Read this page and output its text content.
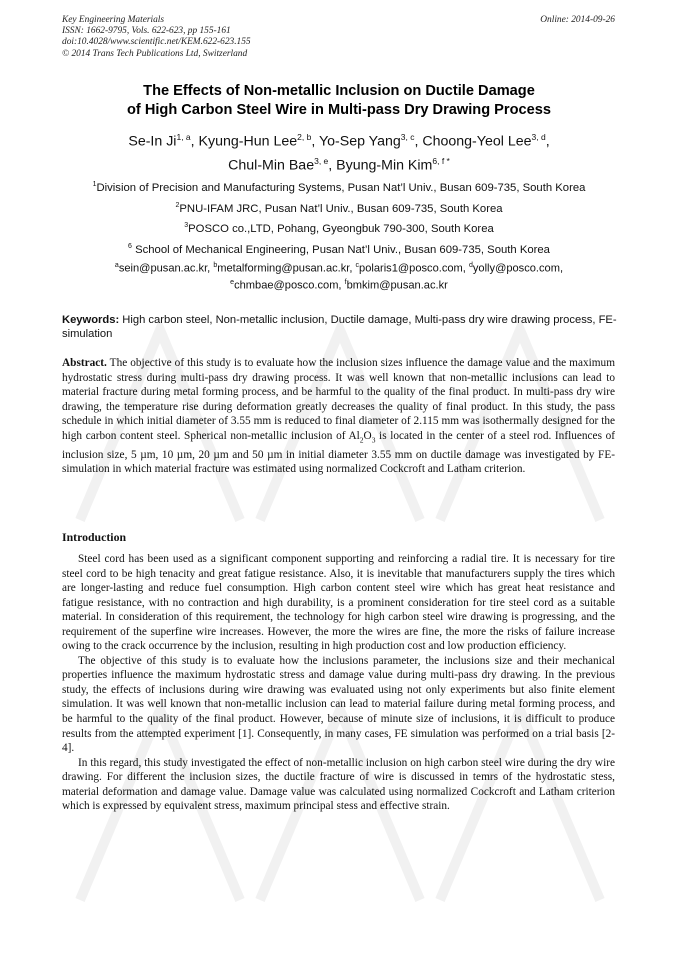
Key Engineering Materials
ISSN: 1662-9795, Vols. 622-623, pp 155-161
doi:10.4028/www.scientific.net/KEM.622-623.155
© 2014 Trans Tech Publications Ltd, Switzerland
Online: 2014-09-26
The Effects of Non-metallic Inclusion on Ductile Damage
of High Carbon Steel Wire in Multi-pass Dry Drawing Process
Se-In Ji$^{1, a}$, Kyung-Hun Lee$^{2, b}$, Yo-Sep Yang$^{3, c}$, Choong-Yeol Lee$^{3, d}$,
Chul-Min Bae$^{3, e}$, Byung-Min Kim$^{6, f *}$
$^1$Division of Precision and Manufacturing Systems, Pusan Nat’l Univ., Busan 609-735, South Korea
$^2$PNU-IFAM JRC, Pusan Nat’l Univ., Busan 609-735, South Korea
$^3$POSCO co.,LTD, Pohang, Gyeongbuk 790-300, South Korea
$^6$ School of Mechanical Engineering, Pusan Nat’l Univ., Busan 609-735, South Korea
$^a$sein@pusan.ac.kr, $^b$metalforming@pusan.ac.kr, $^c$polaris1@posco.com, $^d$yolly@posco.com,
$^e$chmbae@posco.com, $^f$bmkim@pusan.ac.kr
Keywords: High carbon steel, Non-metallic inclusion, Ductile damage, Multi-pass dry wire drawing process, FE-simulation
Abstract. The objective of this study is to evaluate how the inclusion sizes influence the damage value and the maximum hydrostatic stress during multi-pass dry drawing process. It was well known that non-metallic inclusions can lead to material fracture during metal forming process, and be harmful to the quality of the final product. In multi-pass dry wire drawing, the temperature rise during deformation greatly decreases the quality of final product. In this study, the pass schedule in which initial diameter of 3.55 mm is reduced to final diameter of 2.115 mm was isothermally designed for the high carbon content steel. Spherical non-metallic inclusion of $Al_2O_3$ is located in the center of a steel rod. Influences of inclusion size, 5 µm, 10 µm, 20 µm and 50 µm in initial diameter 3.55 mm on ductile damage was investigated by FE-simulation in which material fracture was estimated using normalized Cockcroft and Latham criterion.
Introduction

Steel cord has been used as a significant component supporting and reinforcing a radial tire. It is necessary for tire steel cord to be high tenacity and great fatigue resistance. Also, it is inevitable that manufacturers supply the tires which are longer-lasting and reduce fuel consumption. High carbon content steel wire which has great heat resistance and fatigue resistance, with no contraction and high durability, is a prominent consideration for tire steel cord as a suitable material. In consideration of this requirement, the technology for high carbon steel wire drawing is progressing, and the requirement of the superfine wire increases. However, the more the wires are fine, the more the risks of failure increase owing to the crack occurrence by the inclusion, resulting in high production cost and low production efficiency.

The objective of this study is to evaluate how the inclusions parameter, the inclusions size and their mechanical properties influence the maximum hydrostatic stress and damage value during multi-pass dry drawing. In the previous study, the effects of inclusions during wire drawing was evaluated using not only experiments but also finite element simulation. It was well known that non-metallic inclusion can lead to material failure during metal forming process, and be harmful to the quality of the final product. However, because of minute size of inclusions, it is difficult to produce results from the attempted experiment [1]. Consequently, in many cases, FE simulation was performed on a trial basis [2-4].

In this regard, this study investigated the effect of non-metallic inclusion on high carbon steel wire during the dry wire drawing. For different the inclusion sizes, the ductile fracture of wire is discussed in temrs of the hydrostatic stess, material deformation and damage value. Damage value was calculated using normalized Cockcroft and Latham criterion which is expressed by equivalent stress, maximum principal stess and effective strain.
